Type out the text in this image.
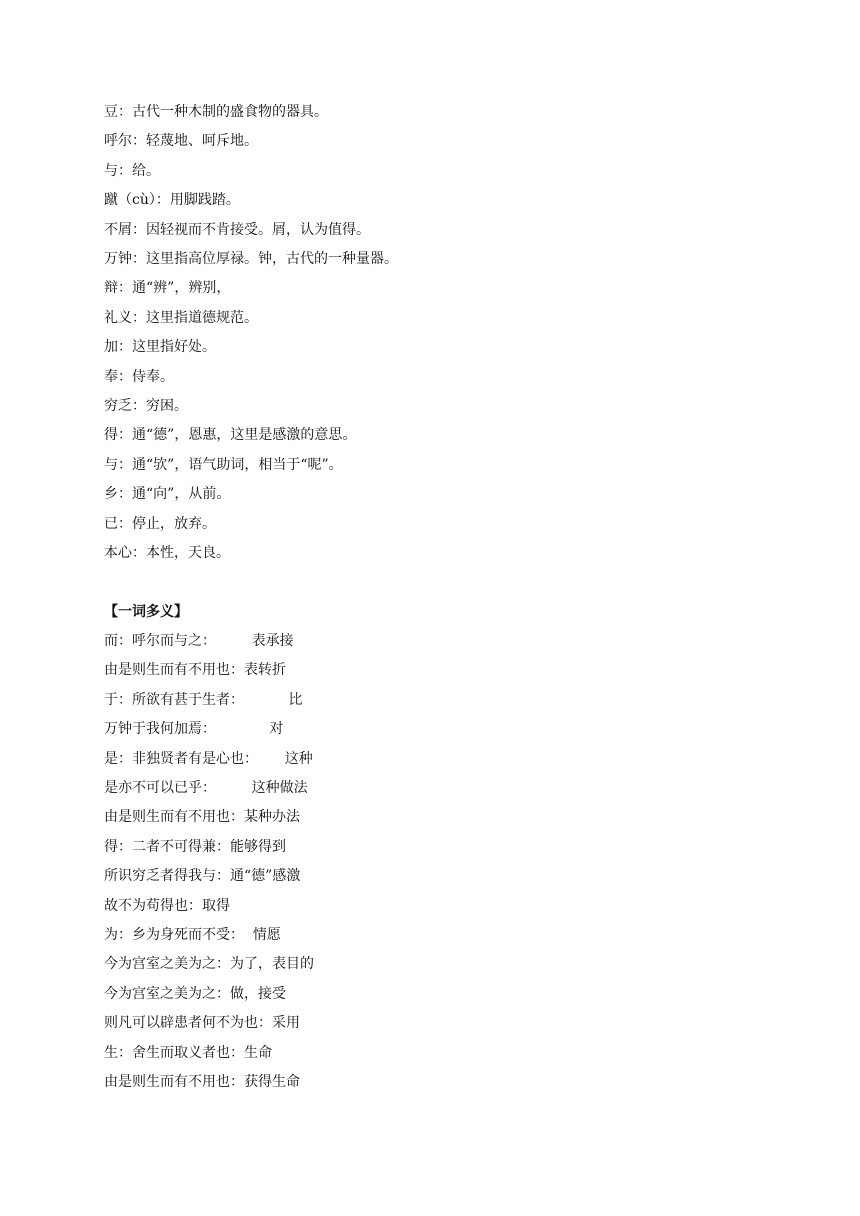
豆：古代一种木制的盛食物的器具。

呼尔：轻蔑地、呵斥地。

与：给。

蹴（cù）：用脚践踏。

不屑：因轻视而不肯接受。屑，认为值得。

万钟：这里指高位厚禄。钟，古代的一种量器。

辩：通“辨”，辨别，

礼义：这里指道德规范。

加：这里指好处。

奉：侍奉。

穷乏：穷困。

得：通“德”，恩惠，这里是感激的意思。

与：通“欤”，语气助词，相当于“呢”。

乡：通“向”，从前。

已：停止，放弃。

本心：本性，天良。

【一词多义】

而：呼尔而与之：        表承接

由是则生而有不用也：表转折

于：所欲有甚于生者：          比

万钟于我何加焉：            对

是：非独贤者有是心也：      这种

是亦不可以已乎：        这种做法

由是则生而有不用也：某种办法

得：二者不可得兼：能够得到

所识穷乏者得我与：通“德”感激

故不为苟得也：取得

为：乡为身死而不受：  情愿

今为宫室之美为之：为了，表目的

今为宫室之美为之：做，接受

则凡可以辟患者何不为也：采用

生：舍生而取义者也：生命

由是则生而有不用也：获得生命
